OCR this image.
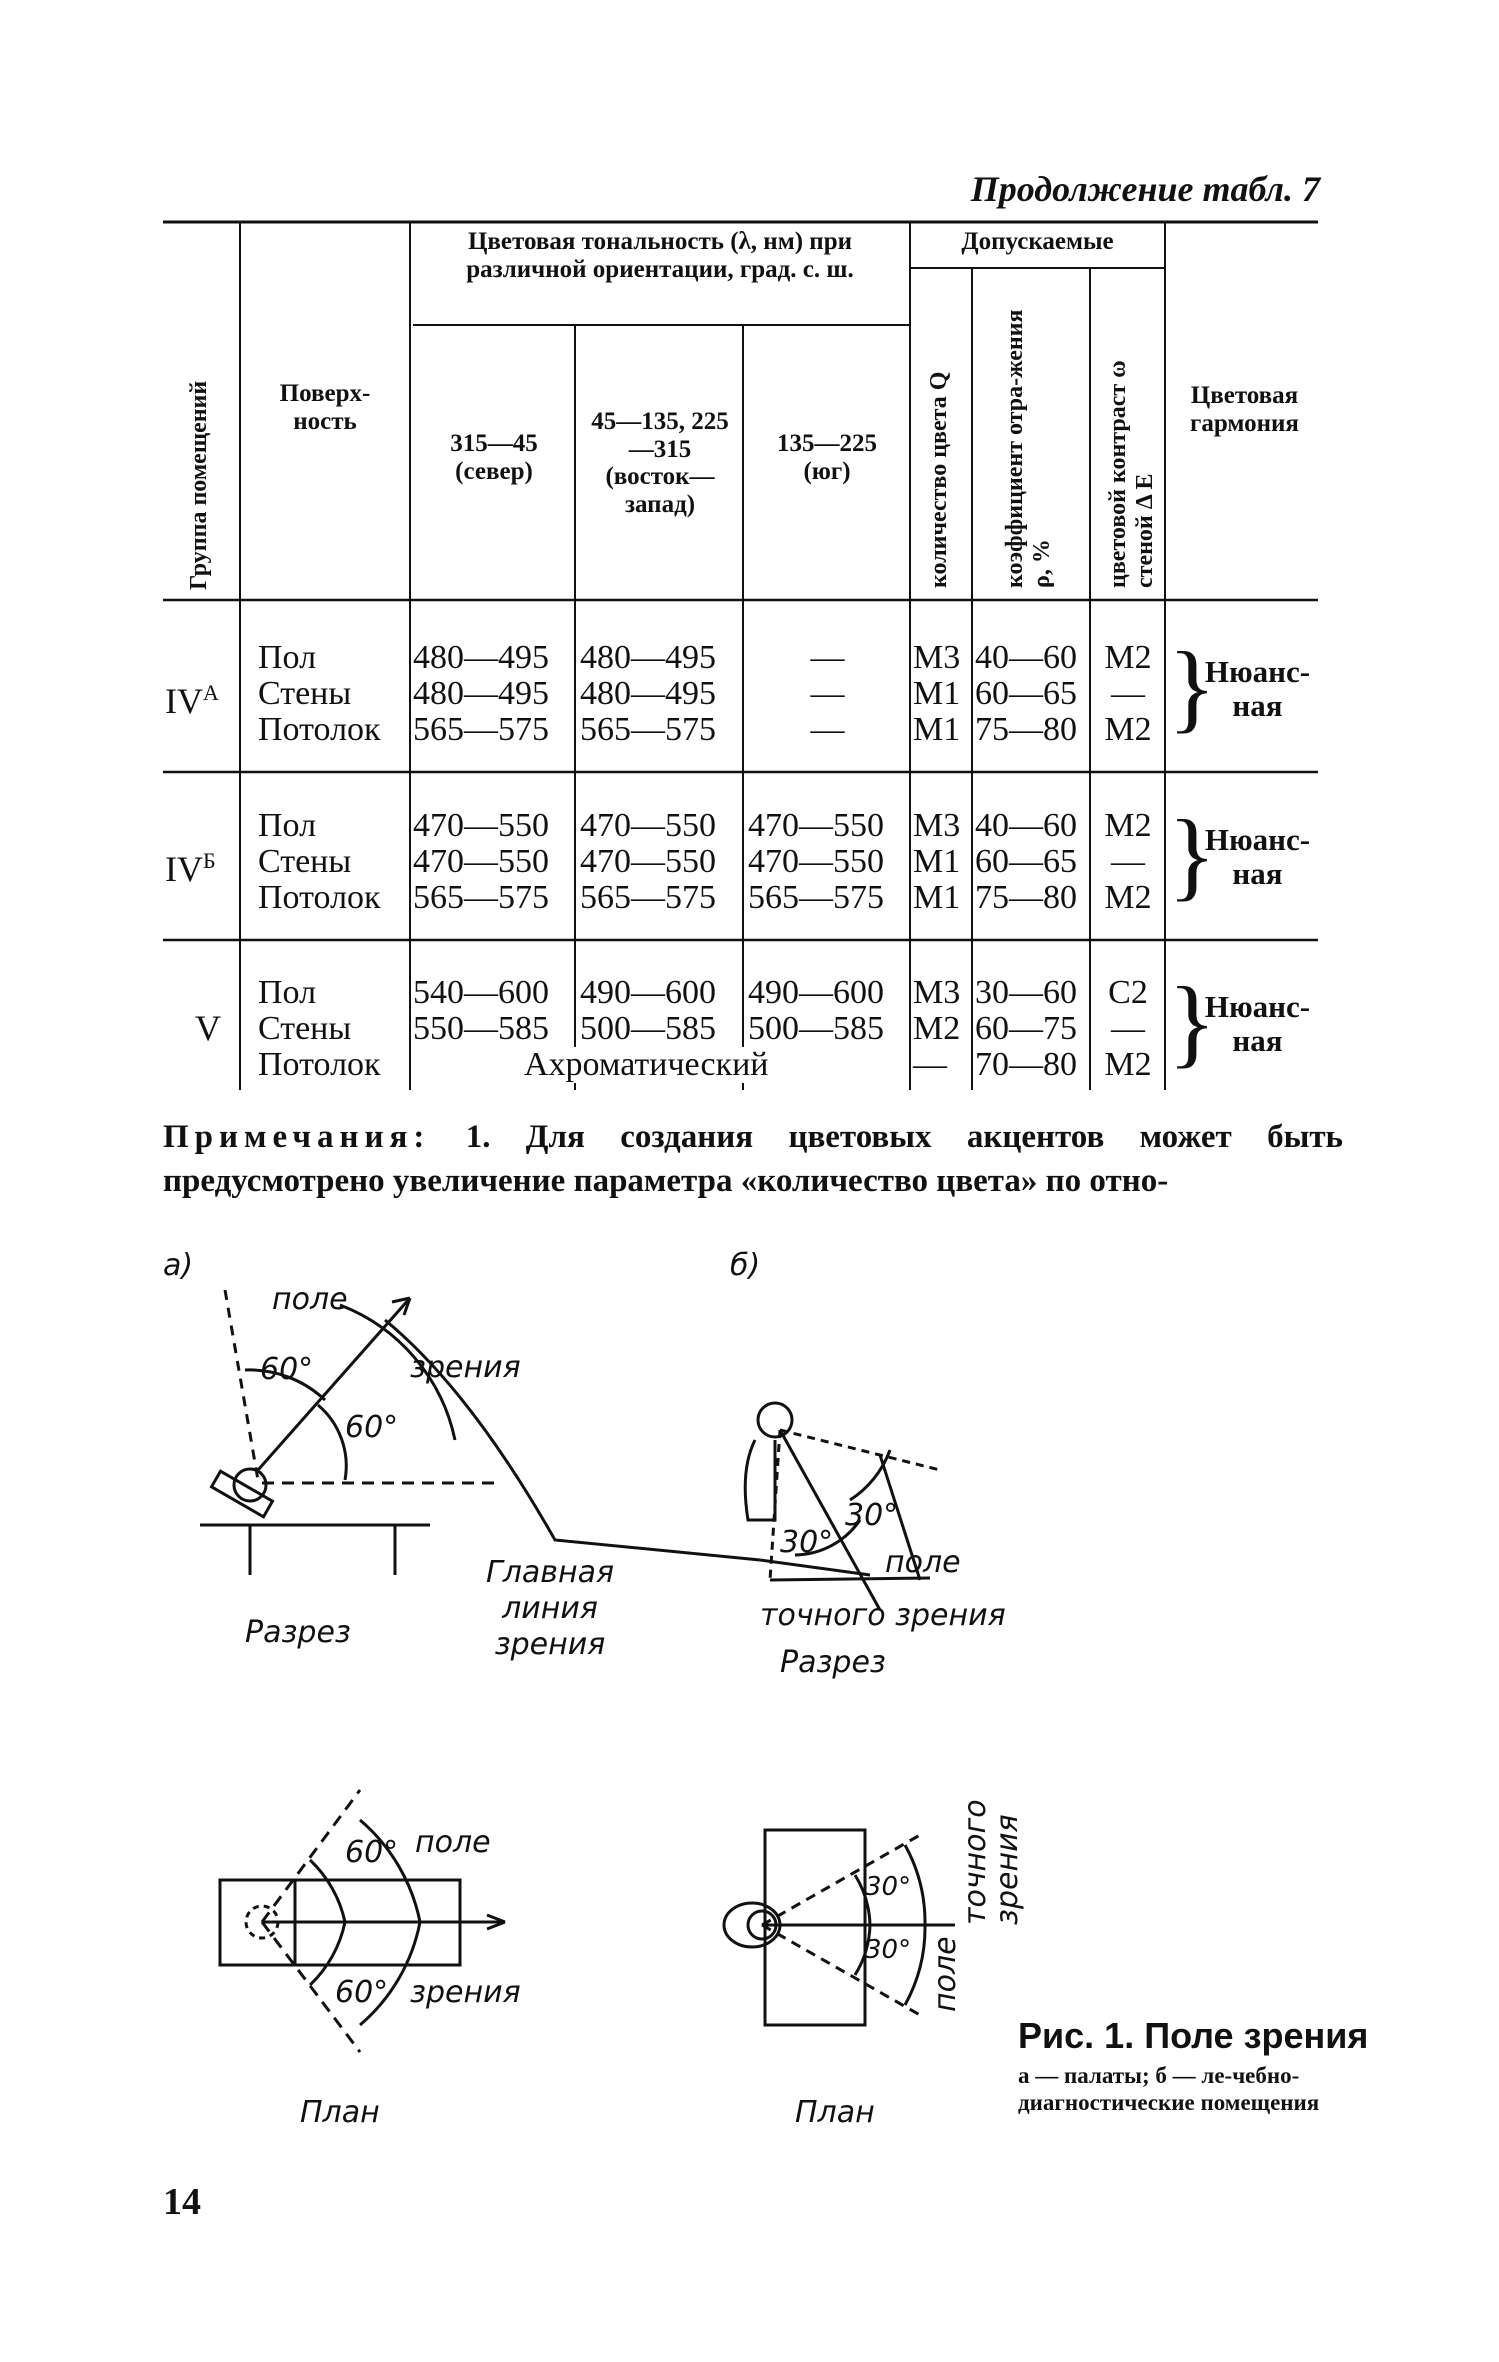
Продолжение табл. 7
Группа помещений	Поверх-ность
Цветовая тональность (λ, нм) при различной ориентации, град. с. ш.
315—45 (север)
45—135, 225—315 (восток—запад)
135—225 (юг)
Допускаемые
количество цвета Q коэффициент отра-жения ρ, % цветовой контраст ω стеной Δ E
Цветовая гармония
$IV^А$
Пол
Стены
Потолок
480—495
480—495
565—575
480—495
480—495
565—575
—
—
—
М3
М1
М1
40—60
60—65
75—80
М2
—
М2 }
Нюанс-ная
$IV^Б$
Пол
Стены
Потолок
470—550
470—550
565—575
470—550
470—550
565—575
470—550
470—550
565—575
М3
М1
М1
40—60
60—65
75—80
М2
—
М2 }
Нюанс-ная
V
Пол
Стены
Потолок
540—600
550—585
490—600
500—585
490—600
500—585
Ахроматический
М3
М2
—
30—60
60—75
70—80
С2
—
М2 }
Нюанс-ная
Примечания: 1. Для создания цветовых акцентов может быть предусмотрено увеличение параметра «количество цвета» по отно-
а)	б)
поле
зрения
60°
60°
Главная линия зрения
Разрез
30°
30°
поле
точного зрения
Разрез
60° поле
60° зрения
План
30°
30° поле
точного
зрения
План
Рис. 1. Поле зрения
а — палаты; б — ле-чебно-диагностические помещения
14
